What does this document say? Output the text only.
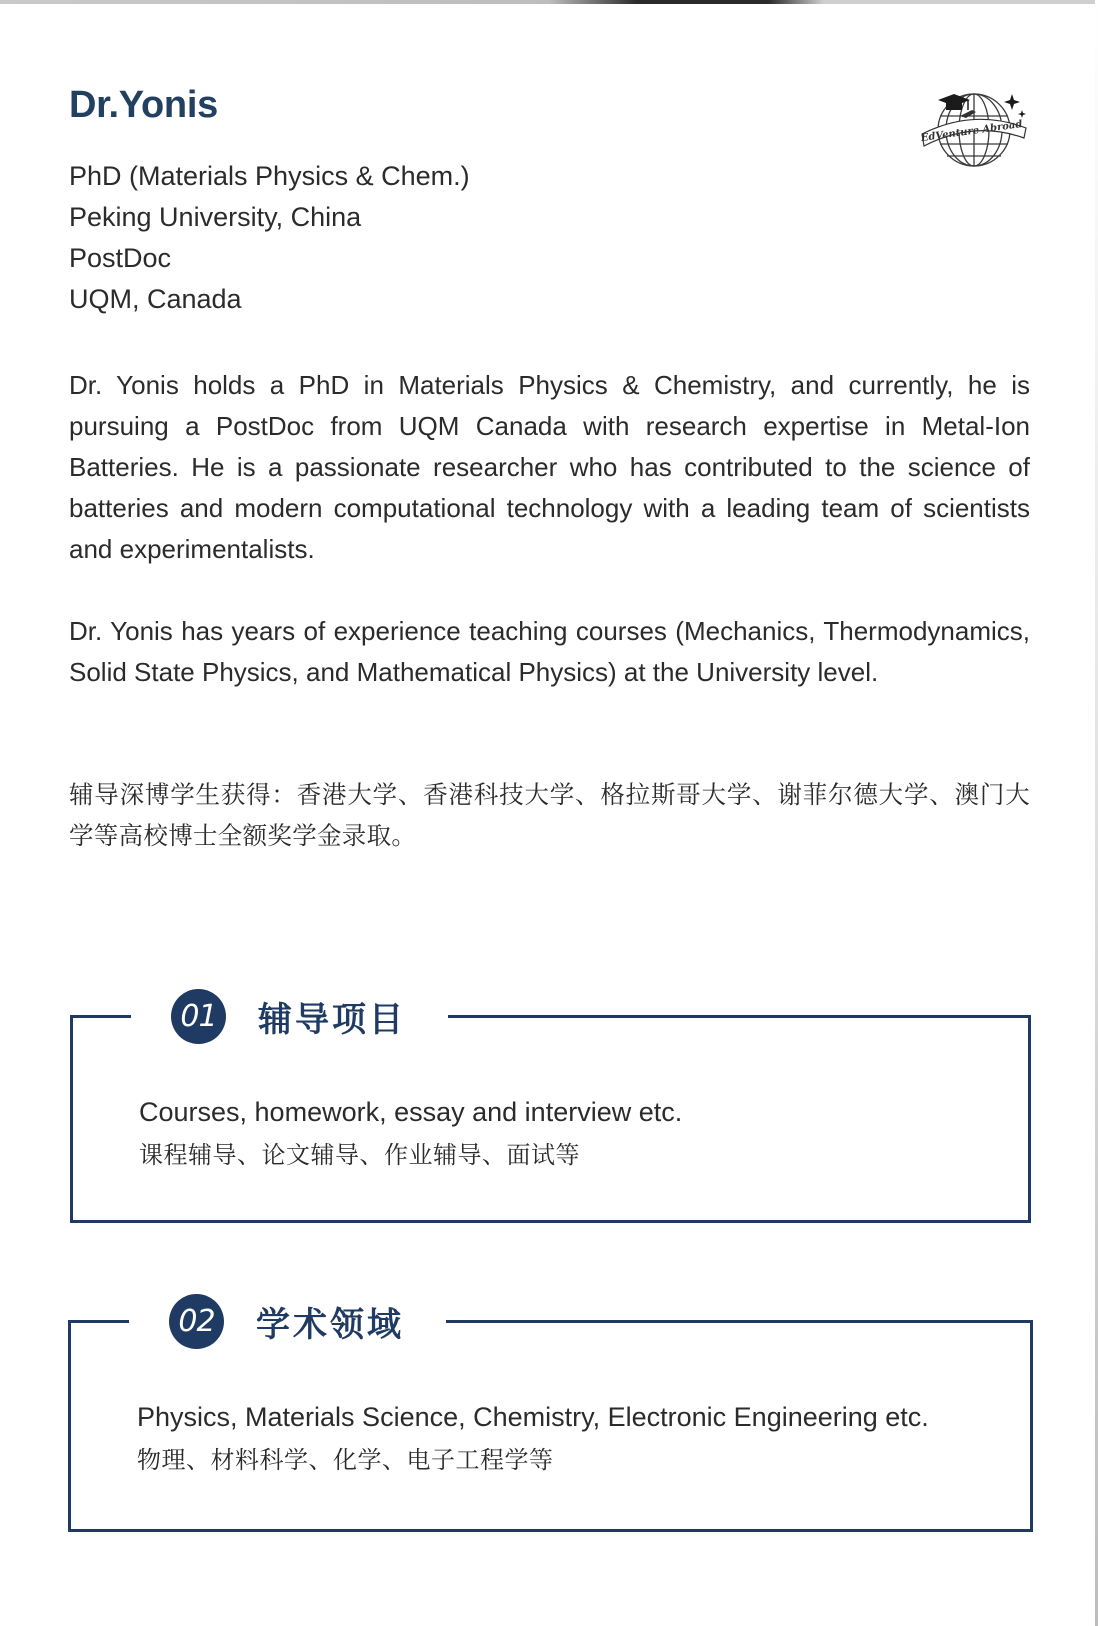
Dr.Yonis
EdVenture Abroad
PhD (Materials Physics & Chem.)
Peking University, China
PostDoc
UQM, Canada

Dr. Yonis holds a PhD in Materials Physics & Chemistry, and currently, he is pursuing a PostDoc from UQM Canada with research expertise in Metal-Ion Batteries. He is a passionate researcher who has contributed to the science of batteries and modern computational technology with a leading team of scientists and experimentalists.

Dr. Yonis has years of experience teaching courses (Mechanics, Thermodynamics, Solid State Physics, and Mathematical Physics) at the University level.

辅导深博学生获得：香港大学、香港科技大学、格拉斯哥大学、谢菲尔德大学、澳门大学等高校博士全额奖学金录取。

01 辅导项目
Courses, homework, essay and interview etc.
课程辅导、论文辅导、作业辅导、面试等
02 学术领域
Physics, Materials Science, Chemistry, Electronic Engineering etc.
物理、材料科学、化学、电子工程学等
